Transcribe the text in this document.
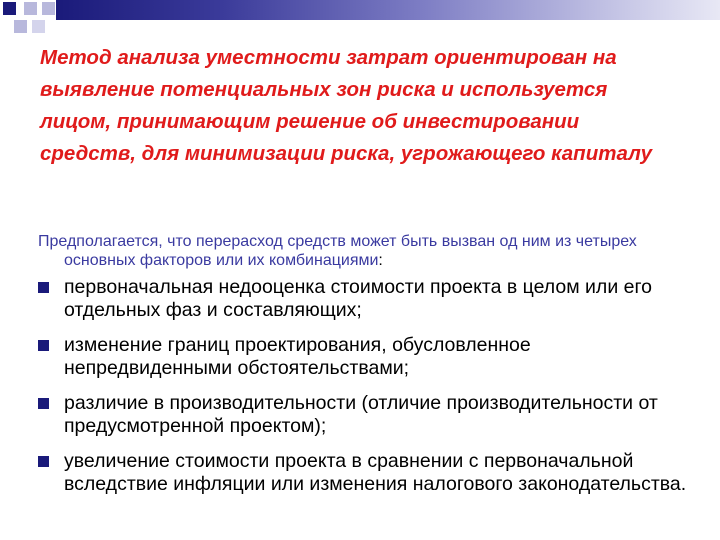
Метод анализа уместности затрат ориентирован на выявление потенциальных зон риска и используется лицом, принимающим решение об инвестировании средств, для минимизации риска, угрожающего капиталу

Предполагается, что перерасход средств может быть вызван од ним из четырех основных факторов или их комбинациями:

первоначальная недооценка стоимости проекта в целом или его отдельных фаз и составляющих;
изменение границ проектирования, обусловленное непредвиденными обстоятельствами;
различие в производительности (отличие производительности от предусмотренной проектом);
увеличение стоимости проекта в сравнении с первоначальной вследствие инфляции или изменения налогового законодательства.
